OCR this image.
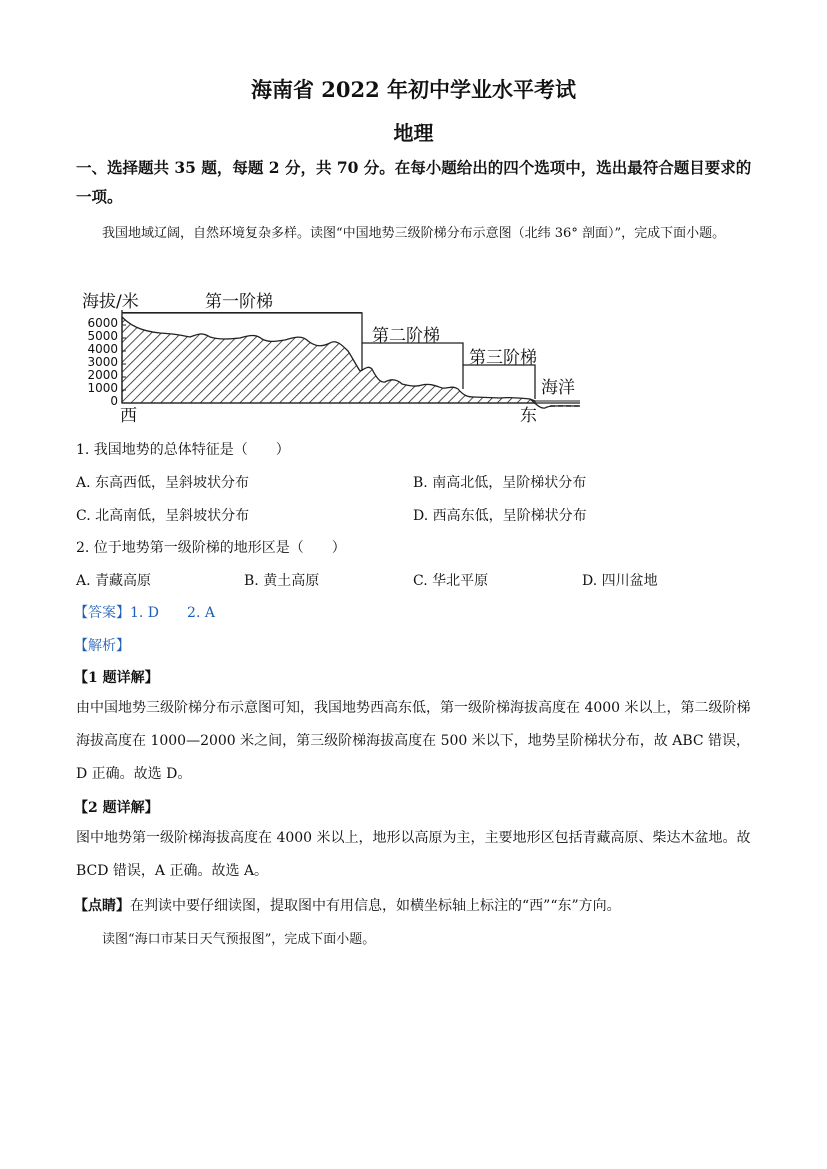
海南省 2022 年初中学业水平考试
地理
一、选择题共 35 题，每题 2 分，共 70 分。在每小题给出的四个选项中，选出最符合题目要求的一项。
我国地域辽阔，自然环境复杂多样。读图“中国地势三级阶梯分布示意图（北纬 36° 剖面）”，完成下面小题。
海拔/米	第一阶梯
第二阶梯
第三阶梯
海洋
西	东
6000
5000
4000
3000
2000
1000
0
1. 我国地势的总体特征是（　　）
A. 东高西低，呈斜坡状分布	B. 南高北低，呈阶梯状分布
C. 北高南低，呈斜坡状分布	D. 西高东低，呈阶梯状分布
2. 位于地势第一级阶梯的地形区是（　　）
A. 青藏高原	B. 黄土高原	C. 华北平原	D. 四川盆地
【答案】1. D　　2. A
【解析】
【1 题详解】
由中国地势三级阶梯分布示意图可知，我国地势西高东低，第一级阶梯海拔高度在 4000 米以上，第二级阶梯海拔高度在 1000—2000 米之间，第三级阶梯海拔高度在 500 米以下，地势呈阶梯状分布，故 ABC 错误，D 正确。故选 D。
【2 题详解】
图中地势第一级阶梯海拔高度在 4000 米以上，地形以高原为主，主要地形区包括青藏高原、柴达木盆地。故 BCD 错误，A 正确。故选 A。
【点睛】在判读中要仔细读图，提取图中有用信息，如横坐标轴上标注的“西”“东”方向。
读图“海口市某日天气预报图”，完成下面小题。
